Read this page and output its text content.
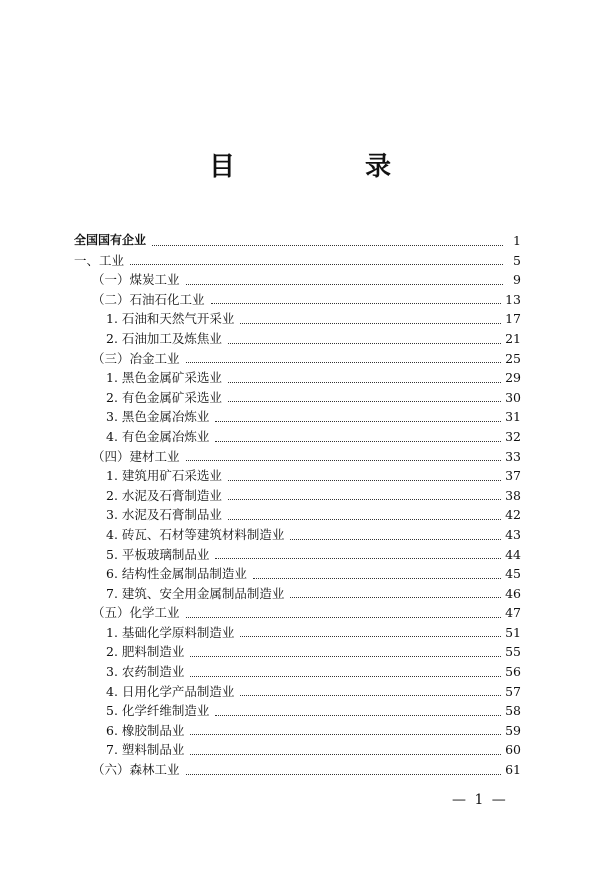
目　录
全国国有企业	1
一、工业	5
（一）煤炭工业	9
（二）石油石化工业	13
1. 石油和天然气开采业	17
2. 石油加工及炼焦业	21
（三）冶金工业	25
1. 黑色金属矿采选业	29
2. 有色金属矿采选业	30
3. 黑色金属冶炼业	31
4. 有色金属冶炼业	32
（四）建材工业	33
1. 建筑用矿石采选业	37
2. 水泥及石膏制造业	38
3. 水泥及石膏制品业	42
4. 砖瓦、石材等建筑材料制造业	43
5. 平板玻璃制品业	44
6. 结构性金属制品制造业	45
7. 建筑、安全用金属制品制造业	46
（五）化学工业	47
1. 基础化学原料制造业	51
2. 肥料制造业	55
3. 农药制造业	56
4. 日用化学产品制造业	57
5. 化学纤维制造业	58
6. 橡胶制品业	59
7. 塑料制品业	60
（六）森林工业	61
— 1 —
